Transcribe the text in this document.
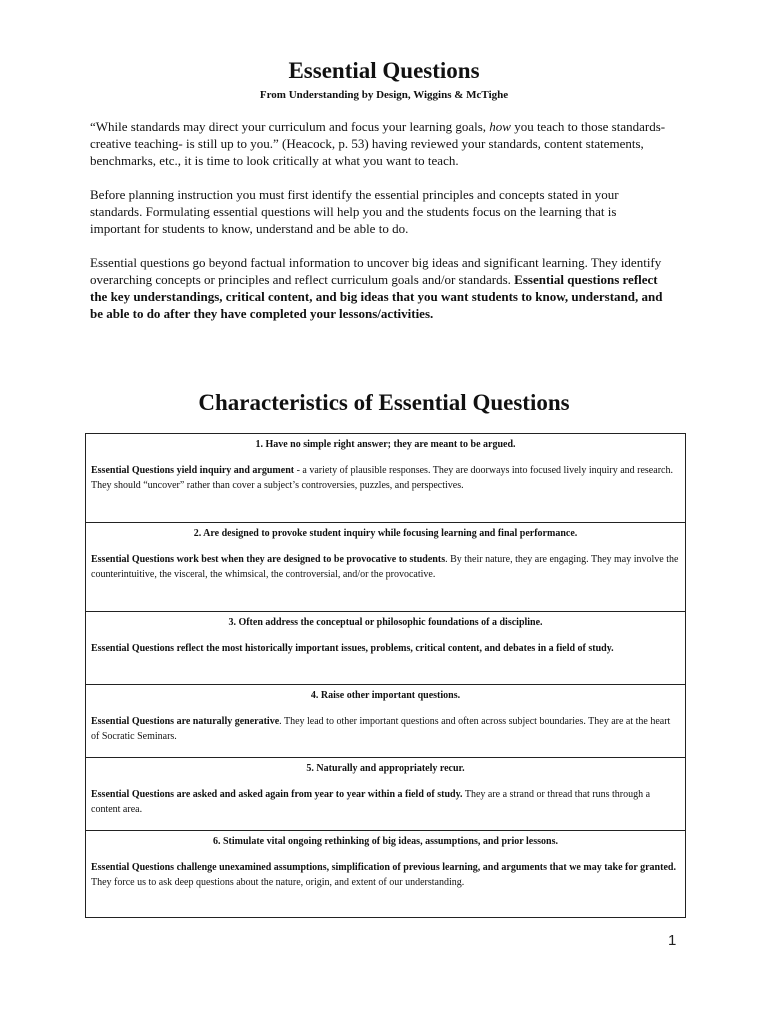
Essential Questions
From Understanding by Design, Wiggins & McTighe

“While standards may direct your curriculum and focus your learning goals, how you teach to those standards-creative teaching- is still up to you.” (Heacock, p. 53) having reviewed your standards, content statements, benchmarks, etc., it is time to look critically at what you want to teach.

Before planning instruction you must first identify the essential principles and concepts stated in your standards. Formulating essential questions will help you and the students focus on the learning that is important for students to know, understand and be able to do.

Essential questions go beyond factual information to uncover big ideas and significant learning. They identify overarching concepts or principles and reflect curriculum goals and/or standards. Essential questions reflect the key understandings, critical content, and big ideas that you want students to know, understand, and be able to do after they have completed your lessons/activities.

Characteristics of Essential Questions
1. Have no simple right answer; they are meant to be argued.

Essential Questions yield inquiry and argument - a variety of plausible responses. They are doorways into focused lively inquiry and research. They should “uncover” rather than cover a subject’s controversies, puzzles, and perspectives.

2. Are designed to provoke student inquiry while focusing learning and final performance.

Essential Questions work best when they are designed to be provocative to students. By their nature, they are engaging. They may involve the counterintuitive, the visceral, the whimsical, the controversial, and/or the provocative.

3. Often address the conceptual or philosophic foundations of a discipline.

Essential Questions reflect the most historically important issues, problems, critical content, and debates in a field of study.

4. Raise other important questions.

Essential Questions are naturally generative. They lead to other important questions and often across subject boundaries. They are at the heart of Socratic Seminars.

5. Naturally and appropriately recur.

Essential Questions are asked and asked again from year to year within a field of study. They are a strand or thread that runs through a content area.

6. Stimulate vital ongoing rethinking of big ideas, assumptions, and prior lessons.

Essential Questions challenge unexamined assumptions, simplification of previous learning, and arguments that we may take for granted. They force us to ask deep questions about the nature, origin, and extent of our understanding.

1
